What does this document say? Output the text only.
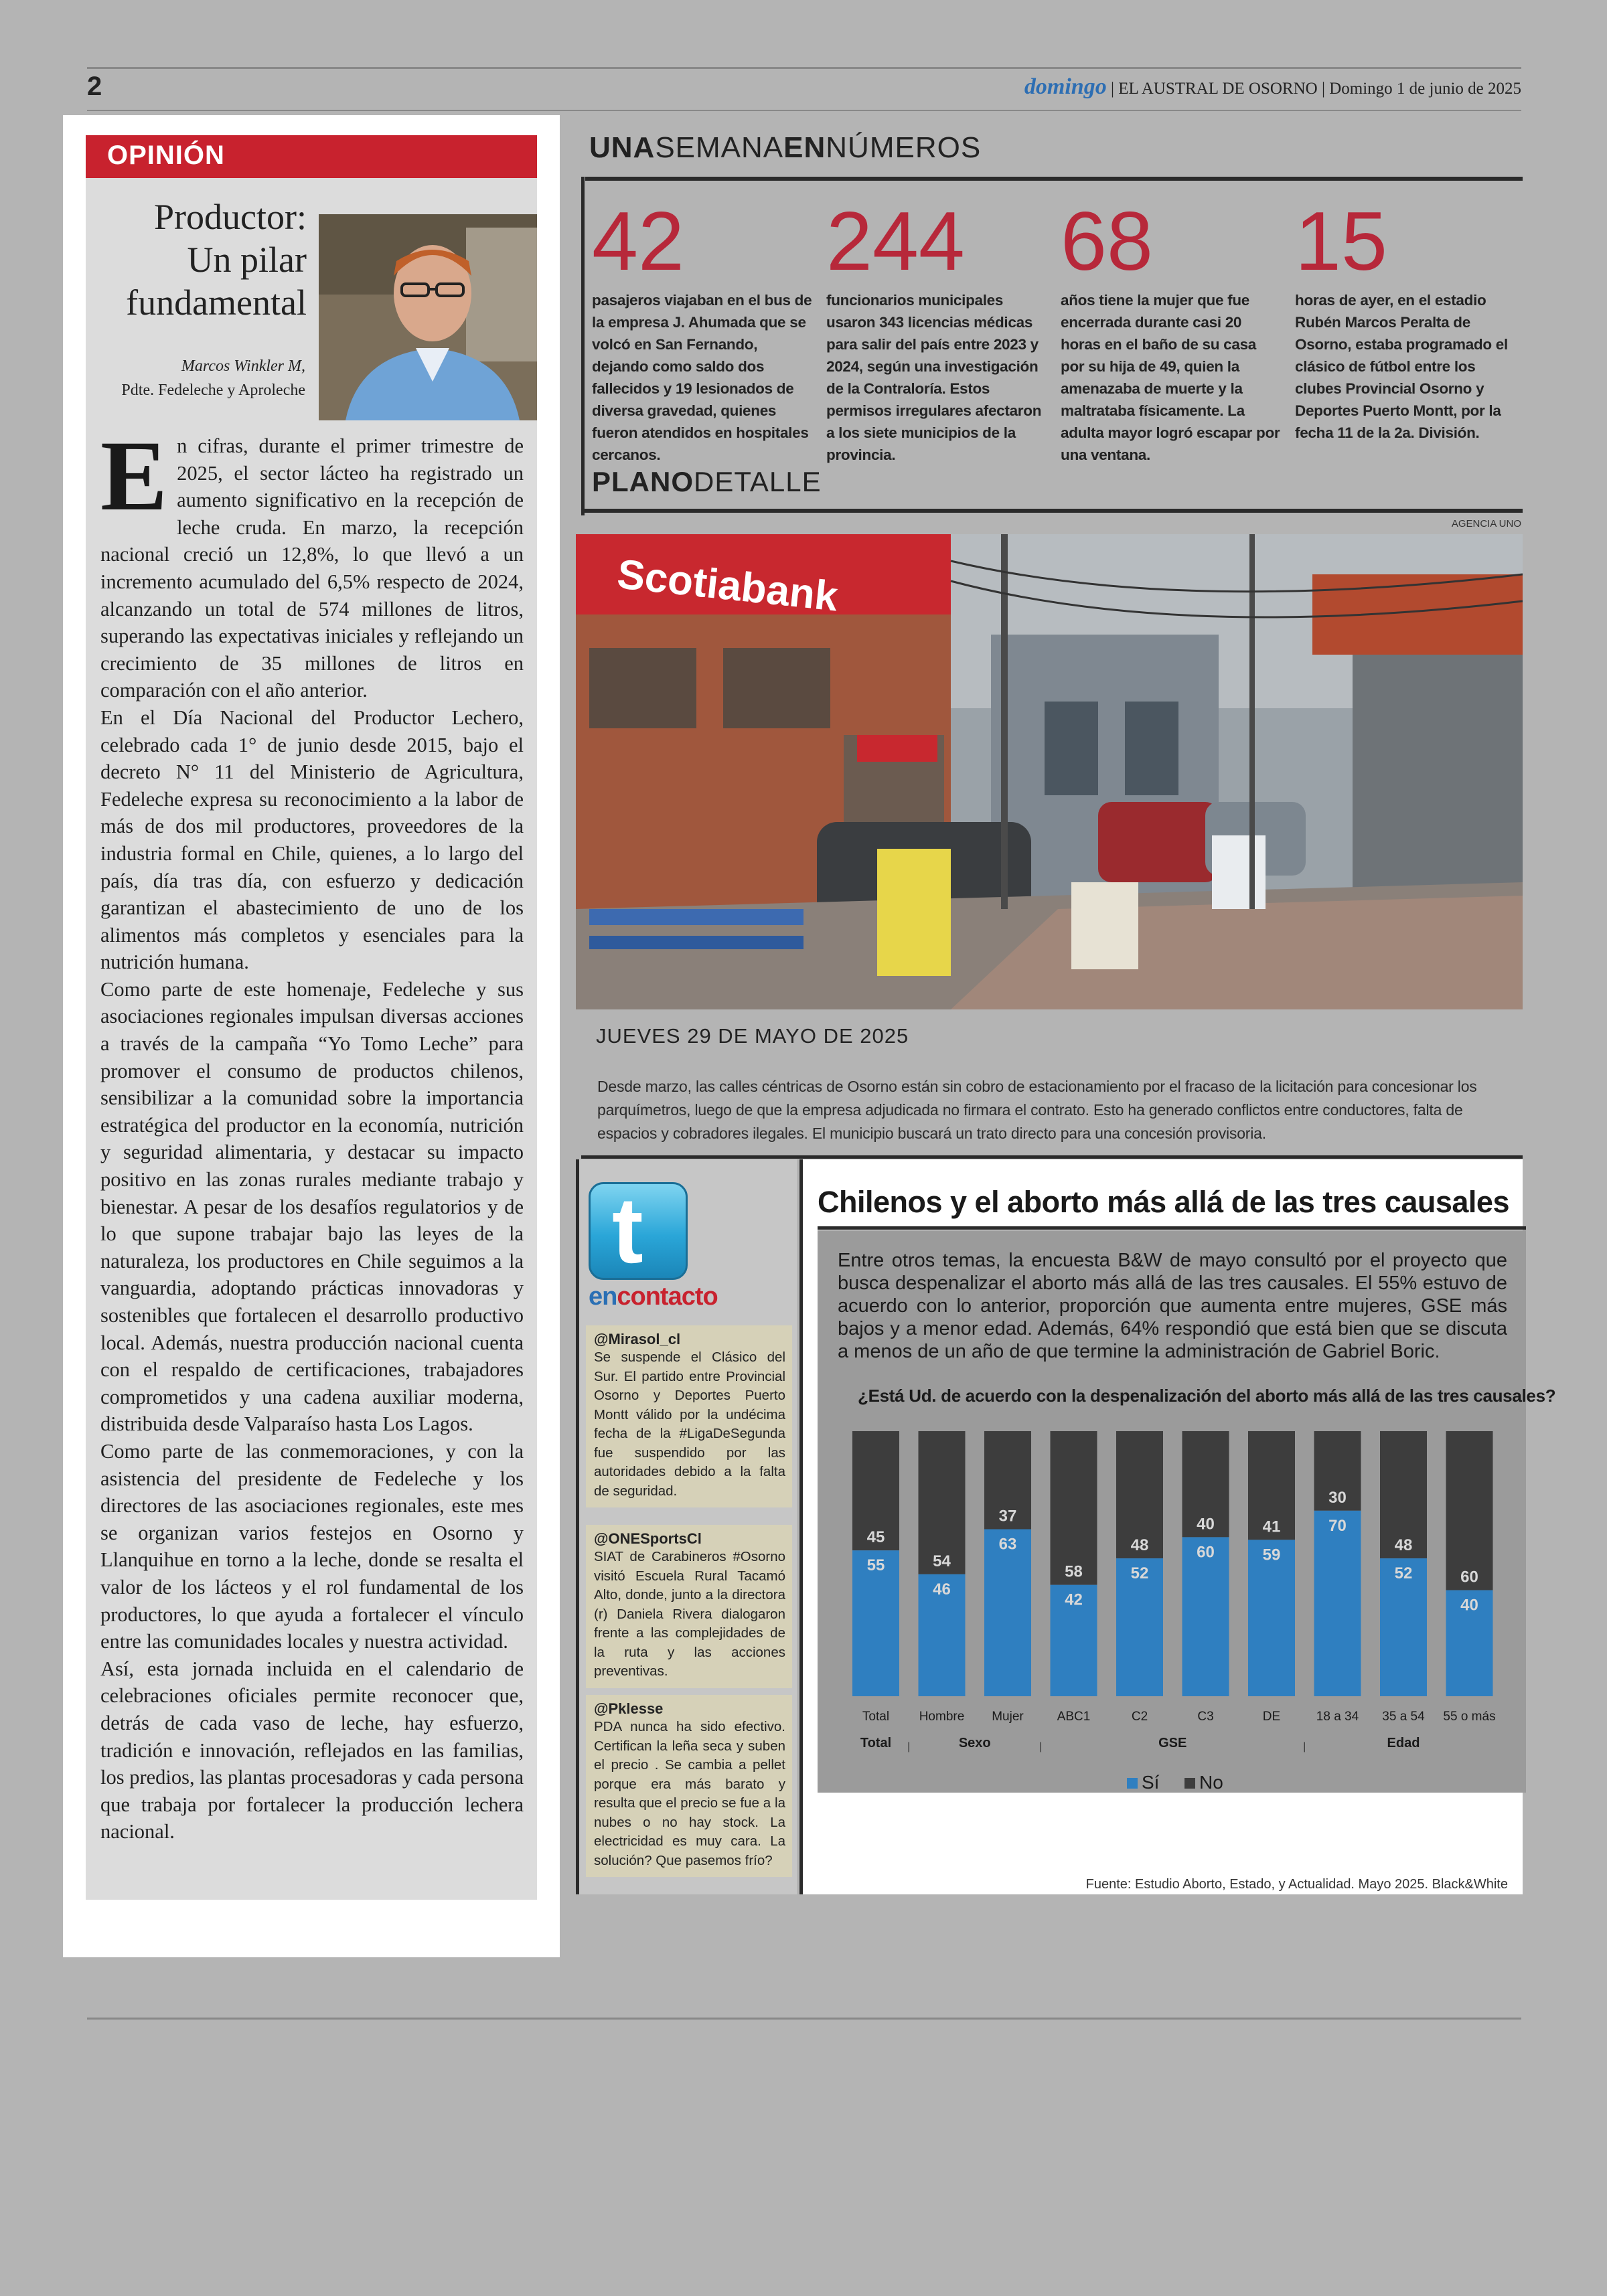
2	domingo | EL AUSTRAL DE OSORNO | Domingo 1 de junio de 2025
OPINIÓN
Productor:
Un pilar
fundamental
Marcos Winkler M,
Pdte. Fedeleche y Aproleche

En cifras, durante el primer trimestre de 2025, el sector lácteo ha registrado un aumento significativo en la recepción de leche cruda. En marzo, la recepción nacional creció un 12,8%, lo que llevó a un incremento acumulado del 6,5% respecto de 2024, alcanzando un total de 574 millones de litros, superando las expectativas iniciales y reflejando un crecimiento de 35 millones de litros en comparación con el año anterior.

En el Día Nacional del Productor Lechero, celebrado cada 1° de junio desde 2015, bajo el decreto N° 11 del Ministerio de Agricultura, Fedeleche expresa su reconocimiento a la labor de más de dos mil productores, proveedores de la industria formal en Chile, quienes, a lo largo del país, día tras día, con esfuerzo y dedicación garantizan el abastecimiento de uno de los alimentos más completos y esenciales para la nutrición humana.

Como parte de este homenaje, Fedeleche y sus asociaciones regionales impulsan diversas acciones a través de la campaña “Yo Tomo Leche” para promover el consumo de productos chilenos, sensibilizar a la comunidad sobre la importancia estratégica del productor en la economía, nutrición y seguridad alimentaria, y destacar su impacto positivo en las zonas rurales mediante trabajo y bienestar. A pesar de los desafíos regulatorios y de lo que supone trabajar bajo las leyes de la naturaleza, los productores en Chile seguimos a la vanguardia, adoptando prácticas innovadoras y sostenibles que fortalecen el desarrollo productivo local. Además, nuestra producción nacional cuenta con el respaldo de certificaciones, trabajadores comprometidos y una cadena auxiliar moderna, distribuida desde Valparaíso hasta Los Lagos.

Como parte de las conmemoraciones, y con la asistencia del presidente de Fedeleche y los directores de las asociaciones regionales, este mes se organizan varios festejos en Osorno y Llanquihue en torno a la leche, donde se resalta el valor de los lácteos y el rol fundamental de los productores, lo que ayuda a fortalecer el vínculo entre las comunidades locales y nuestra actividad.

Así, esta jornada incluida en el calendario de celebraciones oficiales permite reconocer que, detrás de cada vaso de leche, hay esfuerzo, tradición e innovación, reflejados en las familias, los predios, las plantas procesadoras y cada persona que trabaja por fortalecer la producción lechera nacional.

UNASEMANAENNÚMEROS
42
pasajeros viajaban en el bus de la empresa J. Ahumada que se volcó en San Fernando, dejando como saldo dos fallecidos y 19 lesionados de diversa gravedad, quienes fueron atendidos en hospitales cercanos.
244
funcionarios municipales usaron 343 licencias médicas para salir del país entre 2023 y 2024, según una investigación de la Contraloría. Estos permisos irregulares afectaron a los siete municipios de la provincia.
68
años tiene la mujer que fue encerrada durante casi 20 horas en el baño de su casa por su hija de 49, quien la amenazaba de muerte y la maltrataba físicamente. La adulta mayor logró escapar por una ventana.
15
horas de ayer, en el estadio Rubén Marcos Peralta de Osorno, estaba programado el clásico de fútbol entre los clubes Provincial Osorno y Deportes Puerto Montt, por la fecha 11 de la 2a. División.
PLANODETALLE
AGENCIA UNO
Scotiabank
JUEVES 29 DE MAYO DE 2025
Desde marzo, las calles céntricas de Osorno están sin cobro de estacionamiento por el fracaso de la licitación para concesionar los parquímetros, luego de que la empresa adjudicada no firmara el contrato. Esto ha generado conflictos entre conductores, falta de espacios y cobradores ilegales. El municipio buscará un trato directo para una concesión provisoria.
t
encontacto
@Mirasol_cl
Se suspende el Clásico del Sur. El partido entre Provincial Osorno y Deportes Puerto Montt válido por la undécima fecha de la #LigaDeSegunda fue suspendido por las autoridades debido a la falta de seguridad.
@ONESportsCl
SIAT de Carabineros #Osorno visitó Escuela Rural Tacamó Alto, donde, junto a la directora (r) Daniela Rivera dialogaron frente a las complejidades de la ruta y las acciones preventivas.
@Pklesse
PDA nunca ha sido efectivo. Certifican la leña seca y suben el precio . Se cambia a pellet porque era más barato y resulta que el precio se fue a la nubes o no hay stock. La electricidad es muy cara. La solución? Que pasemos frío?
Chilenos y el aborto más allá de las tres causales
45
55
Total
54
46
Hombre
37
63
Mujer
58
42
ABC1
48
52
C2
40
60
C3
41
59
DE
30
70
18 a 34
48
52
35 a 54
60
40
55 o más
Total |	Sexo	|	GSE	|	Edad
Sí No
Entre otros temas, la encuesta B&W de mayo consultó por el proyecto que busca despenalizar el aborto más allá de las tres causales. El 55% estuvo de acuerdo con lo anterior, proporción que aumenta entre mujeres, GSE más bajos y a menor edad. Además, 64% respondió que está bien que se discuta a menos de un año de que termine la administración de Gabriel Boric.
¿Está Ud. de acuerdo con la despenalización del aborto más allá de las tres causales?
Fuente: Estudio Aborto, Estado, y Actualidad. Mayo 2025. Black&White
